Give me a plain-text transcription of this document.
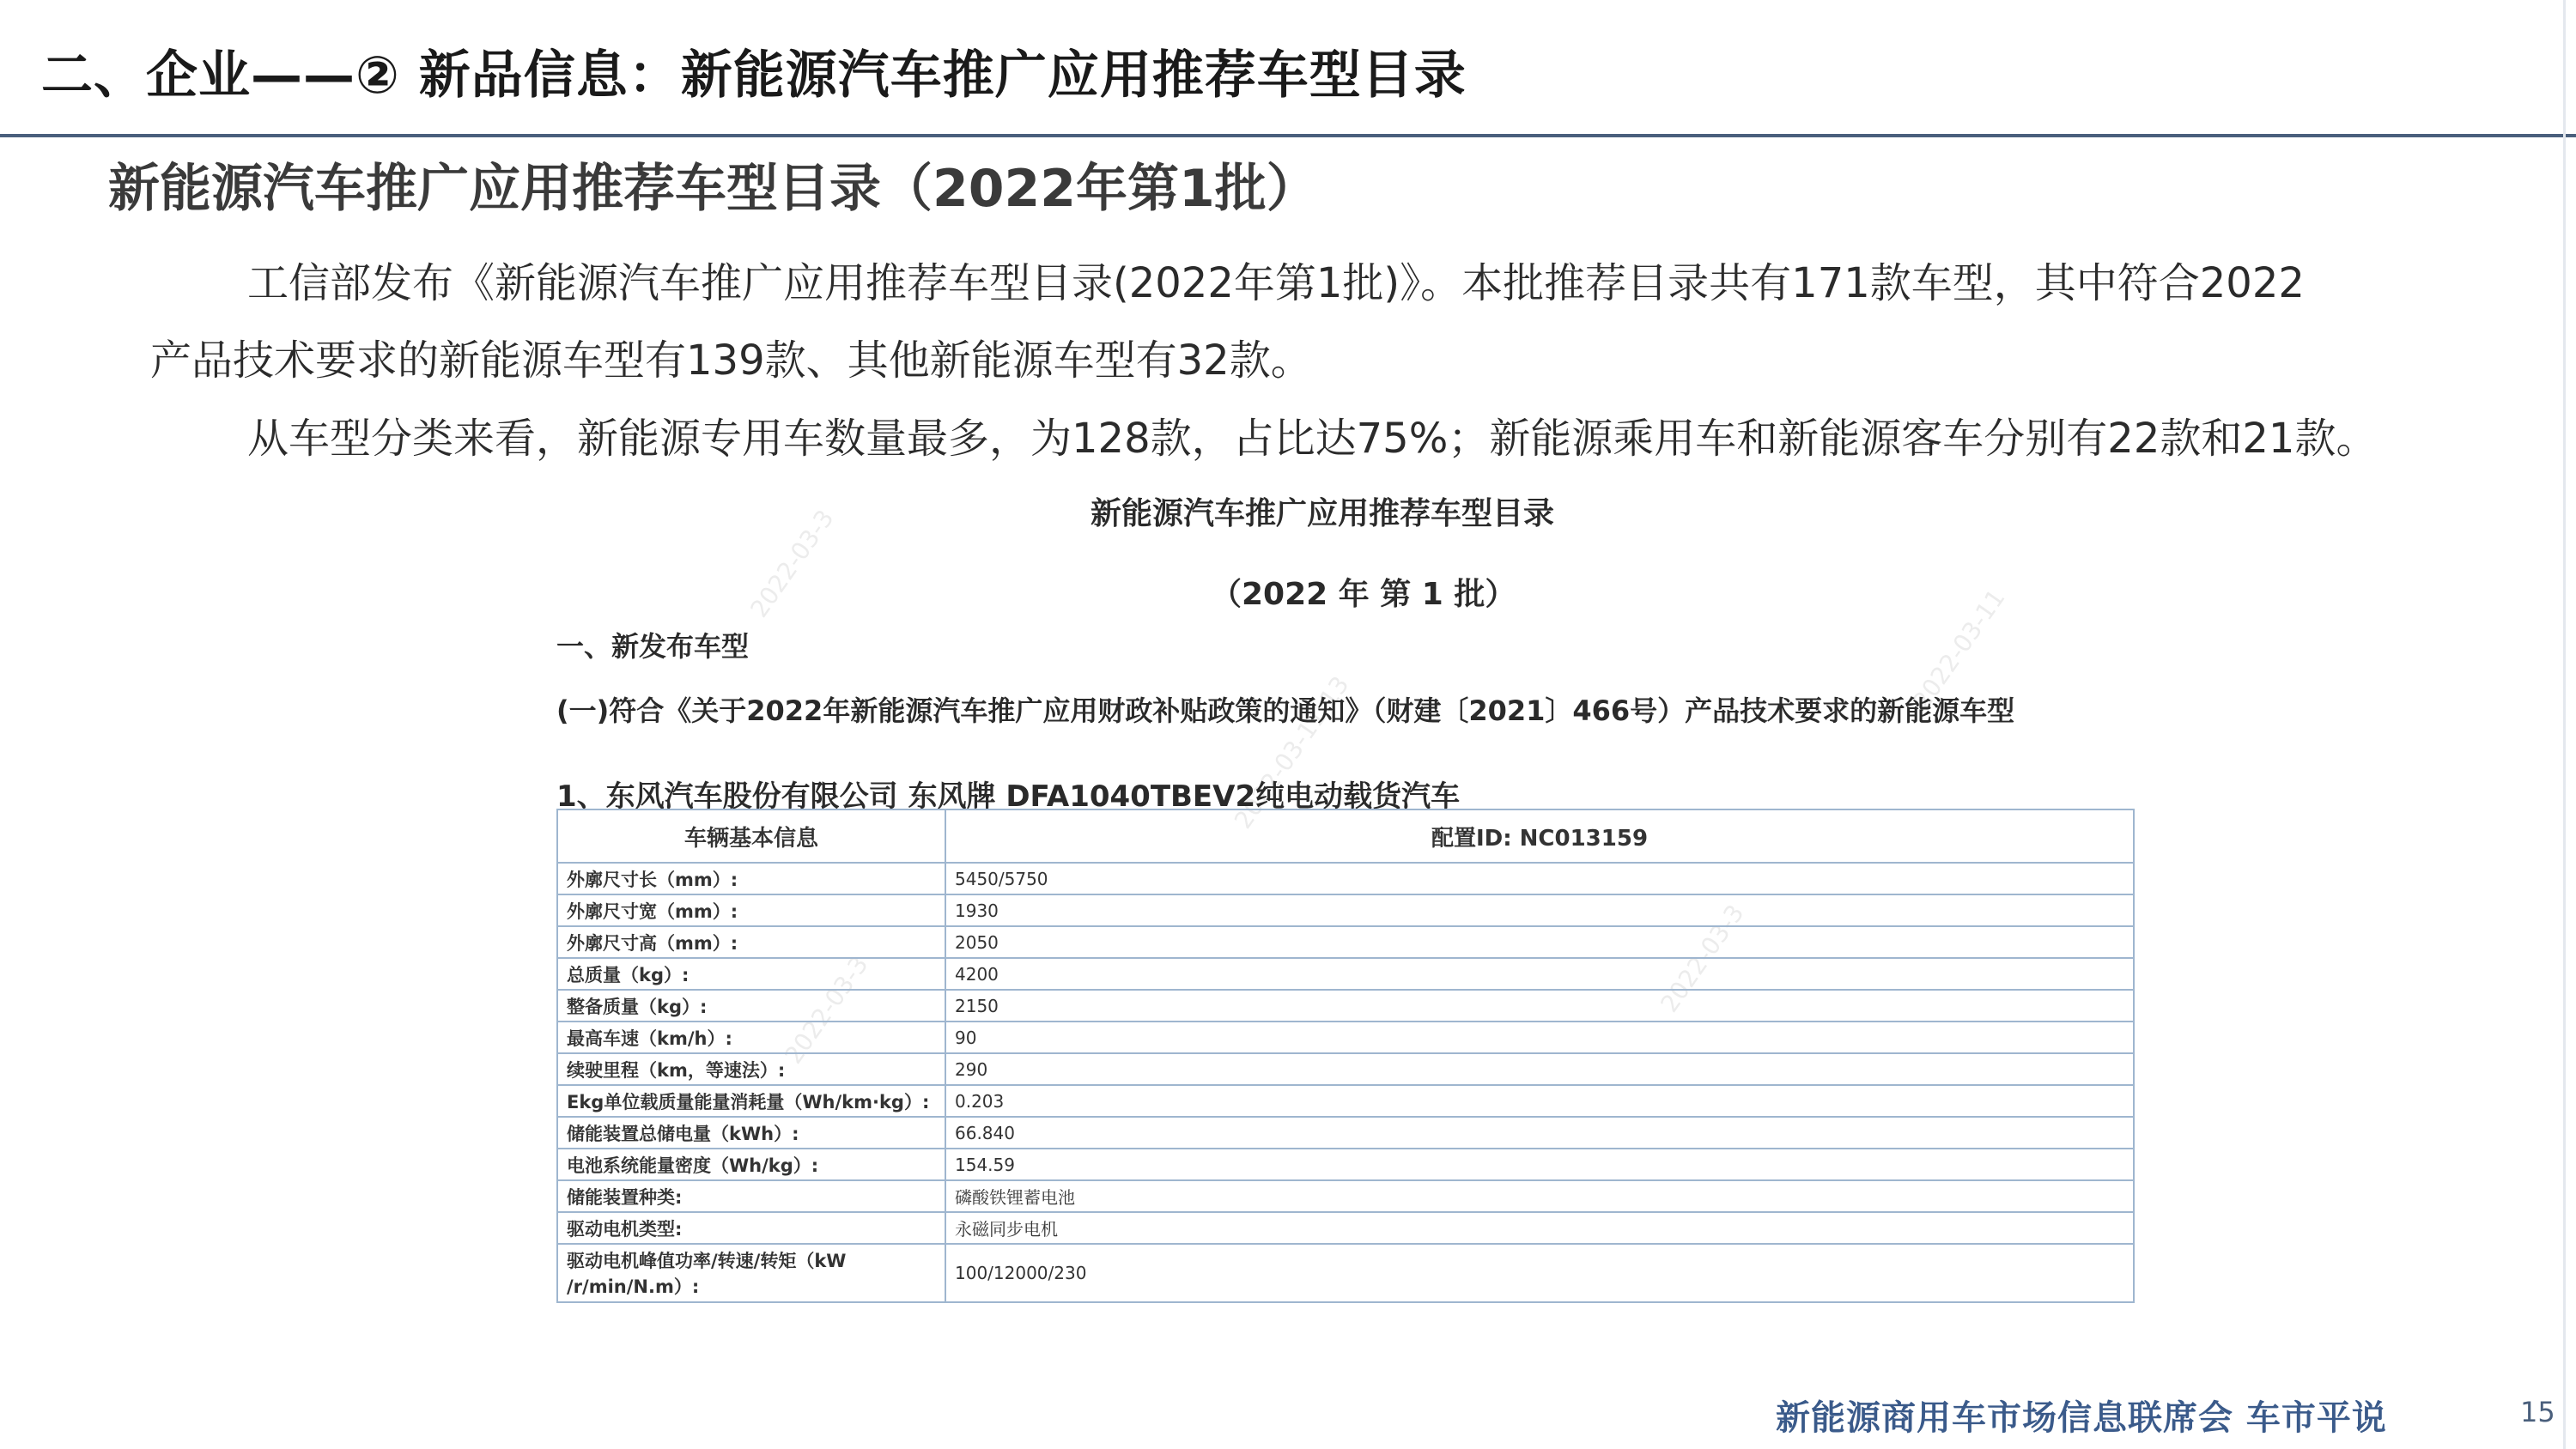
二、企业——② 新品信息：新能源汽车推广应用推荐车型目录
新能源汽车推广应用推荐车型目录（2022年第1批）
工信部发布《新能源汽车推广应用推荐车型目录(2022年第1批)》。本批推荐目录共有171款车型，其中符合2022
产品技术要求的新能源车型有139款、其他新能源车型有32款。
从车型分类来看，新能源专用车数量最多，为128款，占比达75%；新能源乘用车和新能源客车分别有22款和21款。
2022-03-3
2022-03-11-13
2022-03-11
2022-03-3	2022-03-3
新能源汽车推广应用推荐车型目录
（2022 年 第 1 批）
一、新发布车型
(一)符合《关于2022年新能源汽车推广应用财政补贴政策的通知》（财建〔2021〕466号）产品技术要求的新能源车型
1、东风汽车股份有限公司 东风牌 DFA1040TBEV2纯电动载货汽车
车辆基本信息	配置ID: NC013159
外廓尺寸长（mm）:	5450/5750
外廓尺寸宽（mm）:	1930
外廓尺寸高（mm）:	2050
总质量（kg）:	4200
整备质量（kg）:	2150
最高车速（km/h）:	90
续驶里程（km，等速法）:	290
Ekg单位载质量能量消耗量（Wh/km·kg）:	0.203
储能装置总储电量（kWh）:	66.840
电池系统能量密度（Wh/kg）:	154.59
储能装置种类:	磷酸铁锂蓄电池
驱动电机类型:	永磁同步电机
驱动电机峰值功率/转速/转矩（kW /r/min/N.m）:	100/12000/230
新能源商用车市场信息联席会 车市平说	15
